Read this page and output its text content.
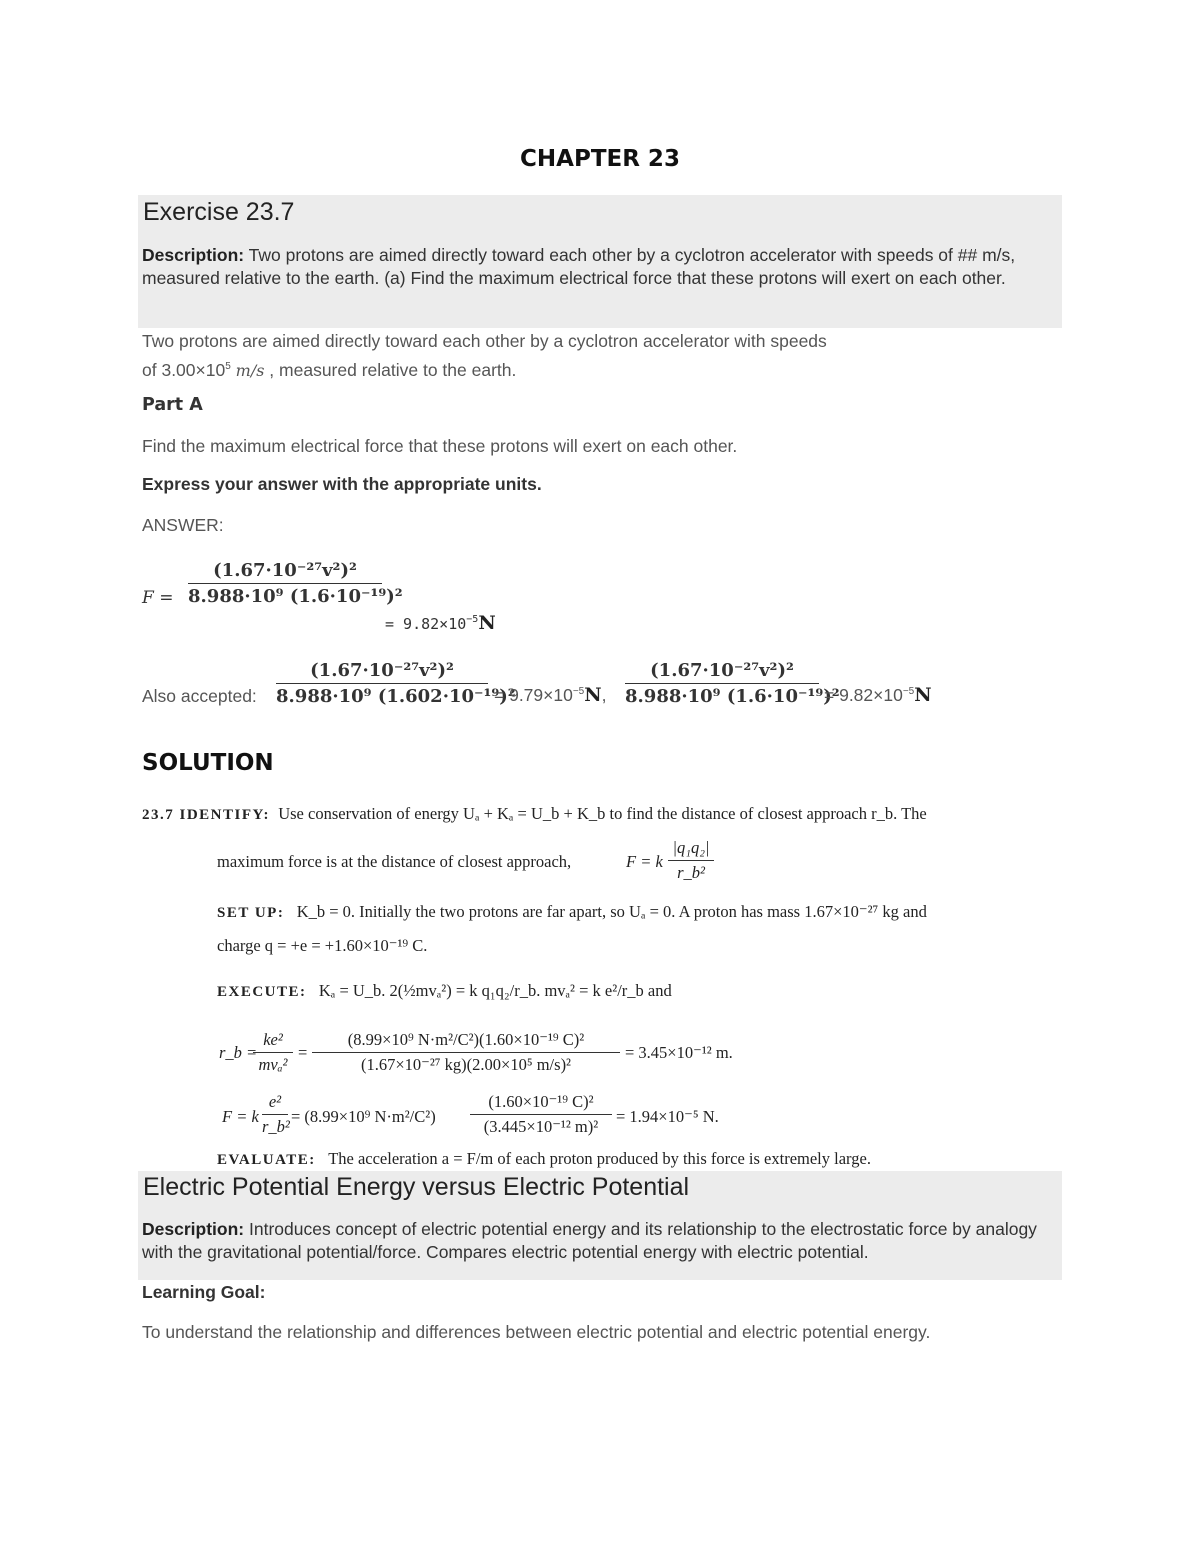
CHAPTER 23
Exercise 23.7
Description: Two protons are aimed directly toward each other by a cyclotron accelerator with speeds of ## m/s, measured relative to the earth. (a) Find the maximum electrical force that these protons will exert on each other.
Two protons are aimed directly toward each other by a cyclotron accelerator with speeds
of $3.00\times 10^5$ m/s , measured relative to the earth.
Part A
Find the maximum electrical force that these protons will exert on each other.
Express your answer with the appropriate units.
ANSWER:
F =
(1.67·10⁻²⁷v²)²
8.988·10⁹ (1.6·10⁻¹⁹)²
= $9.82\times 10^{-5}N$
Also accepted:
(1.67·10⁻²⁷v²)²
8.988·10⁹ (1.602·10⁻¹⁹)²
= $9.79\times 10^{-5}N$,
(1.67·10⁻²⁷v²)²
8.988·10⁹ (1.6·10⁻¹⁹)²
= $9.82\times 10^{-5}N$
SOLUTION
23.7 IDENTIFY: Use conservation of energy Uₐ + Kₐ = U_b + K_b to find the distance of closest approach r_b. The
maximum force is at the distance of closest approach,	F = k
|q₁q₂|
r_b²
SET UP: K_b = 0. Initially the two protons are far apart, so Uₐ = 0. A proton has mass 1.67×10⁻²⁷ kg and
charge q = +e = +1.60×10⁻¹⁹ C.
EXECUTE: Kₐ = U_b. 2(½mvₐ²) = k q₁q₂/r_b. mvₐ² = k e²/r_b and
r_b =
ke²
mvₐ²
=
(8.99×10⁹ N·m²/C²)(1.60×10⁻¹⁹ C)²
(1.67×10⁻²⁷ kg)(2.00×10⁵ m/s)²
= 3.45×10⁻¹² m.
F = k
e²
r_b²
= (8.99×10⁹ N·m²/C²)
(1.60×10⁻¹⁹ C)²
(3.445×10⁻¹² m)²
= 1.94×10⁻⁵ N.
EVALUATE: The acceleration a = F/m of each proton produced by this force is extremely large.
Electric Potential Energy versus Electric Potential
Description: Introduces concept of electric potential energy and its relationship to the electrostatic force by analogy with the gravitational potential/force. Compares electric potential energy with electric potential.
Learning Goal:
To understand the relationship and differences between electric potential and electric potential energy.
